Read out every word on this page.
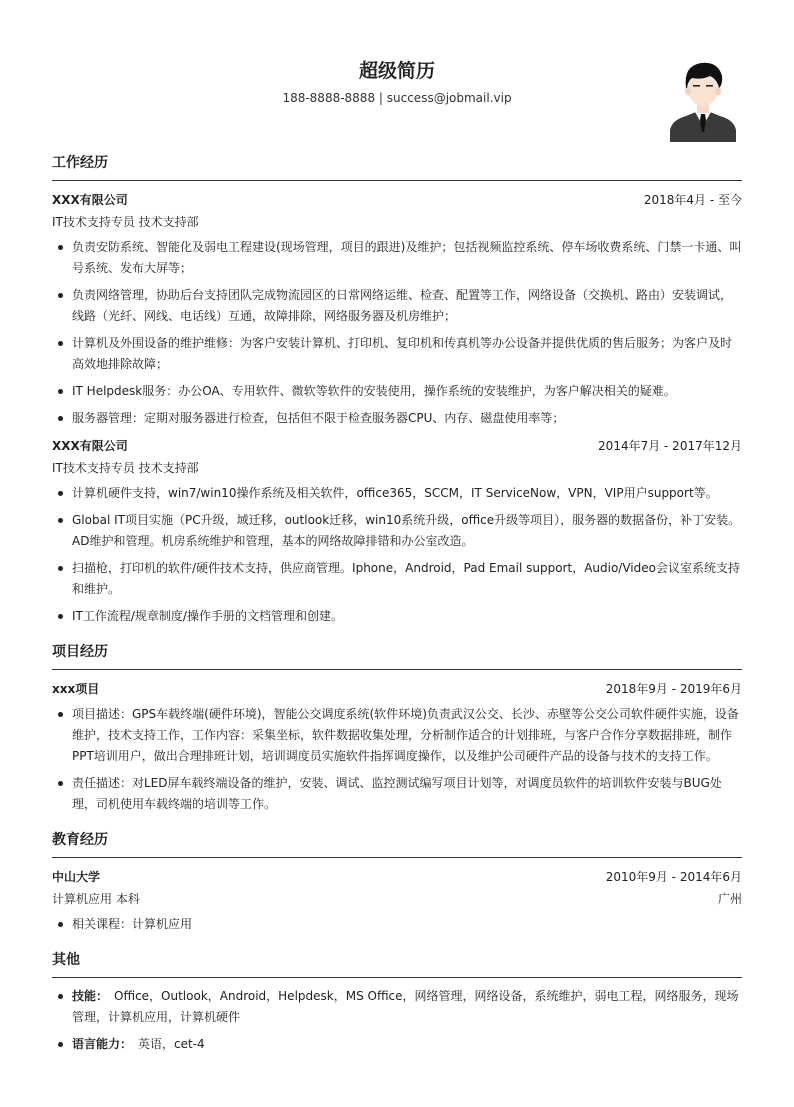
超级简历
188-8888-8888 | success@jobmail.vip
工作经历
XXX有限公司	2018年4月 - 至今
IT技术支持专员 技术支持部
负责安防系统、智能化及弱电工程建设(现场管理，项目的跟进)及维护；包括视频监控系统、停车场收费系统、门禁一卡通、叫号系统、发布大屏等；
负责网络管理，协助后台支持团队完成物流园区的日常网络运维、检查、配置等工作，网络设备（交换机、路由）安装调试，线路（光纤、网线、电话线）互通，故障排除，网络服务器及机房维护；
计算机及外围设备的维护维修：为客户安装计算机、打印机、复印机和传真机等办公设备并提供优质的售后服务；为客户及时高效地排除故障；
IT Helpdesk服务：办公OA、专用软件、微软等软件的安装使用，操作系统的安装维护，为客户解决相关的疑难。
服务器管理：定期对服务器进行检查，包括但不限于检查服务器CPU、内存、磁盘使用率等；
XXX有限公司	2014年7月 - 2017年12月
IT技术支持专员 技术支持部
计算机硬件支持，win7/win10操作系统及相关软件，office365，SCCM，IT ServiceNow，VPN，VIP用户support等。
Global IT项目实施（PC升级，域迁移，outlook迁移，win10系统升级，office升级等项目），服务器的数据备份，补丁安装。AD维护和管理。机房系统维护和管理，基本的网络故障排错和办公室改造。
扫描枪，打印机的软件/硬件技术支持，供应商管理。Iphone，Android，Pad Email support，Audio/Video会议室系统支持和维护。
IT工作流程/规章制度/操作手册的文档管理和创建。
项目经历
xxx项目	2018年9月 - 2019年6月
项目描述：GPS车载终端(硬件环境)，智能公交调度系统(软件环境)负责武汉公交、长沙、赤壁等公交公司软件硬件实施，设备维护，技术支持工作，工作内容：采集坐标，软件数据收集处理，分析制作适合的计划排班，与客户合作分享数据排班，制作PPT培训用户，做出合理排班计划，培训调度员实施软件指挥调度操作，以及维护公司硬件产品的设备与技术的支持工作。
责任描述：对LED屏车载终端设备的维护，安装、调试、监控测试编写项目计划等，对调度员软件的培训软件安装与BUG处理，司机使用车载终端的培训等工作。
教育经历
中山大学	2010年9月 - 2014年6月
计算机应用 本科	广州
相关课程：计算机应用
其他
技能： Office，Outlook，Android，Helpdesk，MS Office，网络管理，网络设备，系统维护，弱电工程，网络服务，现场管理，计算机应用，计算机硬件
语言能力： 英语，cet-4
